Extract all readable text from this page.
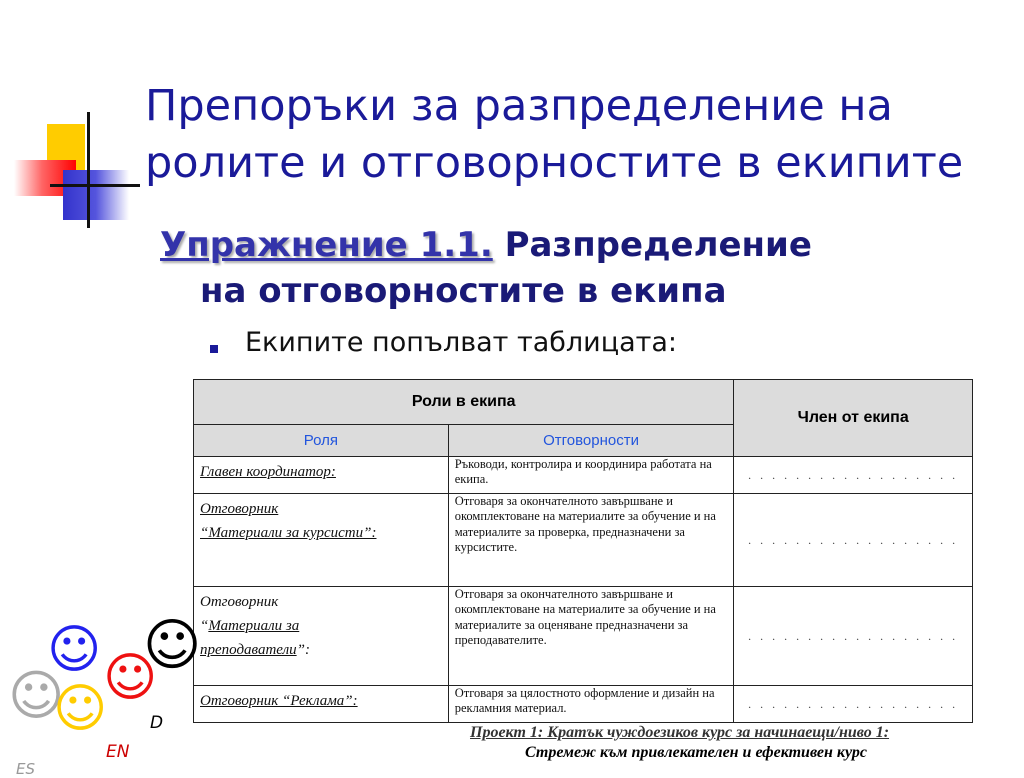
Препоръки за разпределение на
ролите и отговорностите в екипите
Упражнение 1.1. Разпределение
на отговорностите в екипа
Екипите попълват таблицата:
Роли в екипа		Член от екипа
Роля	Отговорности	
Главен координатор:	Ръководи, контролира и координира работата на екипа.	. . . . . . . . . . . . . . . . . .

Отговорник
“Материали за курсисти”:	Отговаря за окончателното завършване и окомплектоване на материалите за обучение и на материалите за проверка, предназначени за курсистите.	. . . . . . . . . . . . . . . . . .

Отговорник
“Материали за
преподаватели”:	Отговаря за окончателното завършване и окомплектоване на материалите за обучение и на материалите за оценяване предназначени за преподавателите.	. . . . . . . . . . . . . . . . . .
Отговорник “Реклама”:	Отговаря за цялостното оформление и дизайн на рекламния материал.	. . . . . . . . . . . . . . . . . .
Проект 1: Кратък чуждоезиков курс за начинаещи/ниво 1:
Стремеж към привлекателен и ефективен курс
☺ ☺
☺
☺
☺	D
EN
ES
